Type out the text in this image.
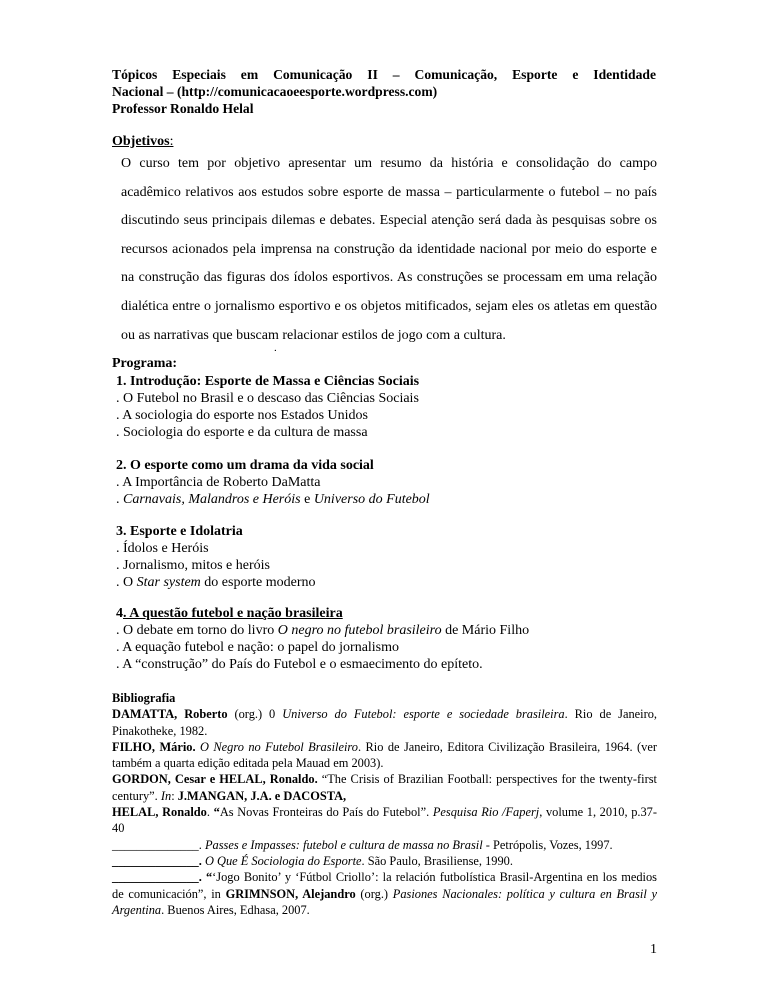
Tópicos Especiais em Comunicação II – Comunicação, Esporte e Identidade
Nacional – (http://comunicacaoeesporte.wordpress.com)
Professor Ronaldo Helal
Objetivos:
O curso tem por objetivo apresentar um resumo da história e consolidação do campo acadêmico relativos aos estudos sobre esporte de massa – particularmente o futebol – no país discutindo seus principais dilemas e debates. Especial atenção será dada às pesquisas sobre os recursos acionados pela imprensa na construção da identidade nacional por meio do esporte e na construção das figuras dos ídolos esportivos. As construções se processam em uma relação dialética entre o jornalismo esportivo e os objetos mitificados, sejam eles os atletas em questão ou as narrativas que buscam relacionar estilos de jogo com a cultura.
.
Programa:
1. Introdução: Esporte de Massa e Ciências Sociais
. O Futebol no Brasil e o descaso das Ciências Sociais
. A sociologia do esporte nos Estados Unidos
. Sociologia do esporte e da cultura de massa
2. O esporte como um drama da vida social
. A Importância de Roberto DaMatta
. Carnavais, Malandros e Heróis e Universo do Futebol
3. Esporte e Idolatria
. Ídolos e Heróis
. Jornalismo, mitos e heróis
. O Star system do esporte moderno
4. A questão futebol e nação brasileira
. O debate em torno do livro O negro no futebol brasileiro de Mário Filho
. A equação futebol e nação: o papel do jornalismo
. A “construção” do País do Futebol e o esmaecimento do epíteto.
Bibliografia
DAMATTA, Roberto (org.) 0 Universo do Futebol: esporte e sociedade brasileira. Rio de Janeiro, Pinakotheke, 1982.
FILHO, Mário. O Negro no Futebol Brasileiro. Rio de Janeiro, Editora Civilização Brasileira, 1964. (ver também a quarta edição editada pela Mauad em 2003).
GORDON, Cesar e HELAL, Ronaldo. “The Crisis of Brazilian Football: perspectives for the twenty-first century”. In: J.MANGAN, J.A. e DACOSTA,
HELAL, Ronaldo. “As Novas Fronteiras do País do Futebol”. Pesquisa Rio /Faperj, volume 1, 2010, p.37-40
______________. Passes e Impasses: futebol e cultura de massa no Brasil - Petrópolis, Vozes, 1997.
______________. O Que É Sociologia do Esporte. São Paulo, Brasiliense, 1990.
______________. “‘Jogo Bonito’ y ‘Fútbol Criollo’: la relación futbolística Brasil-Argentina en los medios de comunicación”, in GRIMNSON, Alejandro (org.) Pasiones Nacionales: política y cultura en Brasil y Argentina. Buenos Aires, Edhasa, 2007.
1
